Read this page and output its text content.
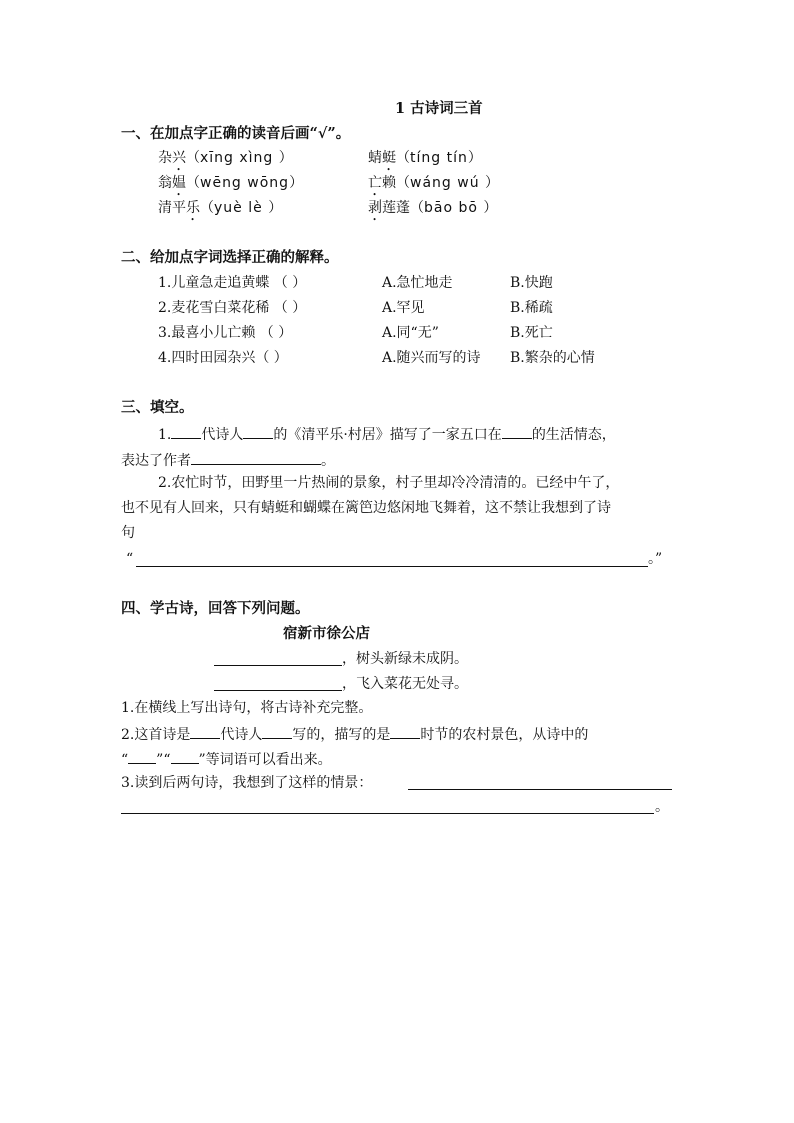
1 古诗词三首
一、在加点字正确的读音后画“√”。
杂兴（xīng xìng ）	蜻蜓（tíng tín）
翁媪（wēng wōng）	亡赖（wáng wú ）
清平乐（yuè lè ）	剥莲蓬（bāo bō ）
二、给加点字词选择正确的解释。
1.儿童急走追黄蝶 （ ）	A.急忙地走	B.快跑
2.麦花雪白菜花稀 （ ）	A.罕见	B.稀疏
3.最喜小儿亡赖 （ ）	A.同“无”	B.死亡
4.四时田园杂兴（ ）	A.随兴而写的诗 B.繁杂的心情
三、填空。
1. 代诗人 的《清平乐·村居》描写了一家五口在 的生活情态，
表达了作者	。
2.农忙时节，田野里一片热闹的景象，村子里却冷冷清清的。已经中午了，
也不见有人回来，只有蜻蜓和蝴蝶在篱笆边悠闲地飞舞着，这不禁让我想到了诗
句
“	。”
四、学古诗，回答下列问题。
宿新市徐公店
，树头新绿未成阴。
，飞入菜花无处寻。
1.在横线上写出诗句，将古诗补充完整。
2.这首诗是 代诗人 写的，描写的是 时节的农村景色，从诗中的
“ ”“ ”等词语可以看出来。
3.读到后两句诗，我想到了这样的情景：
。
